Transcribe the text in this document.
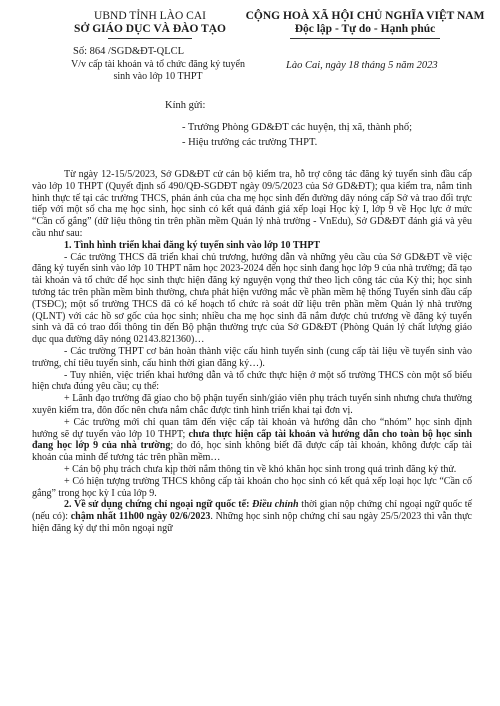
UBND TỈNH LÀO CAI
SỞ GIÁO DỤC VÀ ĐÀO TẠO
CỘNG HOÀ XÃ HỘI CHỦ NGHĨA VIỆT NAM
Độc lập - Tự do - Hạnh phúc
Số: 864 /SGD&ĐT-QLCL
V/v cấp tài khoản và tổ chức đăng ký tuyển sinh vào lớp 10 THPT
Lào Cai, ngày 18 tháng 5 năm 2023
Kính gửi:
- Trưởng Phòng GD&ĐT các huyện, thị xã, thành phố;
- Hiệu trưởng các trường THPT.

Từ ngày 12-15/5/2023, Sở GD&ĐT cử cán bộ kiểm tra, hỗ trợ công tác đăng ký tuyển sinh đầu cấp vào lớp 10 THPT (Quyết định số 490/QĐ-SGDĐT ngày 09/5/2023 của Sở GD&ĐT); qua kiểm tra, nắm tình hình thực tế tại các trường THCS, phản ánh của cha mẹ học sinh đến đường dây nóng cấp Sở và trao đổi trực tiếp với một số cha mẹ học sinh, học sinh có kết quả đánh giá xếp loại Học kỳ I, lớp 9 về Học lực ở mức “Cần cố gắng” (dữ liệu thông tin trên phần mềm Quản lý nhà trường - VnEdu), Sở GD&ĐT đánh giá và yêu cầu như sau:

1. Tình hình triển khai đăng ký tuyển sinh vào lớp 10 THPT

- Các trường THCS đã triển khai chủ trương, hướng dẫn và những yêu cầu của Sở GD&ĐT về việc đăng ký tuyển sinh vào lớp 10 THPT năm học 2023-2024 đến học sinh đang học lớp 9 của nhà trường; đã tạo tài khoản và tổ chức để học sinh thực hiện đăng ký nguyện vọng thứ theo lịch công tác của Kỳ thi; học sinh tương tác trên phần mềm bình thường, chưa phát hiện vướng mắc về phần mềm hệ thống Tuyển sinh đầu cấp (TSĐC); một số trường THCS đã có kế hoạch tổ chức rà soát dữ liệu trên phần mềm Quản lý nhà trường (QLNT) với các hồ sơ gốc của học sinh; nhiều cha mẹ học sinh đã nắm được chủ trương về đăng ký tuyển sinh và đã có trao đổi thông tin đến Bộ phận thường trực của Sở GD&ĐT (Phòng Quản lý chất lượng giáo dục qua đường dây nóng 02143.821360)…

- Các trường THPT cơ bản hoàn thành việc cấu hình tuyển sinh (cung cấp tài liệu về tuyển sinh vào trường, chỉ tiêu tuyển sinh, cấu hình thời gian đăng ký…).

- Tuy nhiên, việc triển khai hướng dẫn và tổ chức thực hiện ở một số trường THCS còn một số biểu hiện chưa đúng yêu cầu; cụ thể:

+ Lãnh đạo trường đã giao cho bộ phận tuyển sinh/giáo viên phụ trách tuyển sinh nhưng chưa thường xuyên kiểm tra, đôn đốc nên chưa nắm chắc được tình hình triển khai tại đơn vị.

+ Các trường mới chỉ quan tâm đến việc cấp tài khoản và hướng dẫn cho “nhóm” học sinh định hướng sẽ dự tuyển vào lớp 10 THPT; chưa thực hiện cấp tài khoản và hướng dẫn cho toàn bộ học sinh đang học lớp 9 của nhà trường; do đó, học sinh không biết đã được cấp tài khoản, không được cấp tài khoản của mình để tương tác trên phần mềm…

+ Cán bộ phụ trách chưa kịp thời nắm thông tin về khó khăn học sinh trong quá trình đăng ký thử.

+ Có hiện tượng trường THCS không cấp tài khoản cho học sinh có kết quả xếp loại học lực “Cần cố gắng” trong học kỳ I của lớp 9.

2. Về sử dụng chứng chỉ ngoại ngữ quốc tế: Điều chỉnh thời gian nộp chứng chỉ ngoại ngữ quốc tế (nếu có): chậm nhất 11h00 ngày 02/6/2023. Những học sinh nộp chứng chỉ sau ngày 25/5/2023 thì vẫn thực hiện đăng ký dự thi môn ngoại ngữ
